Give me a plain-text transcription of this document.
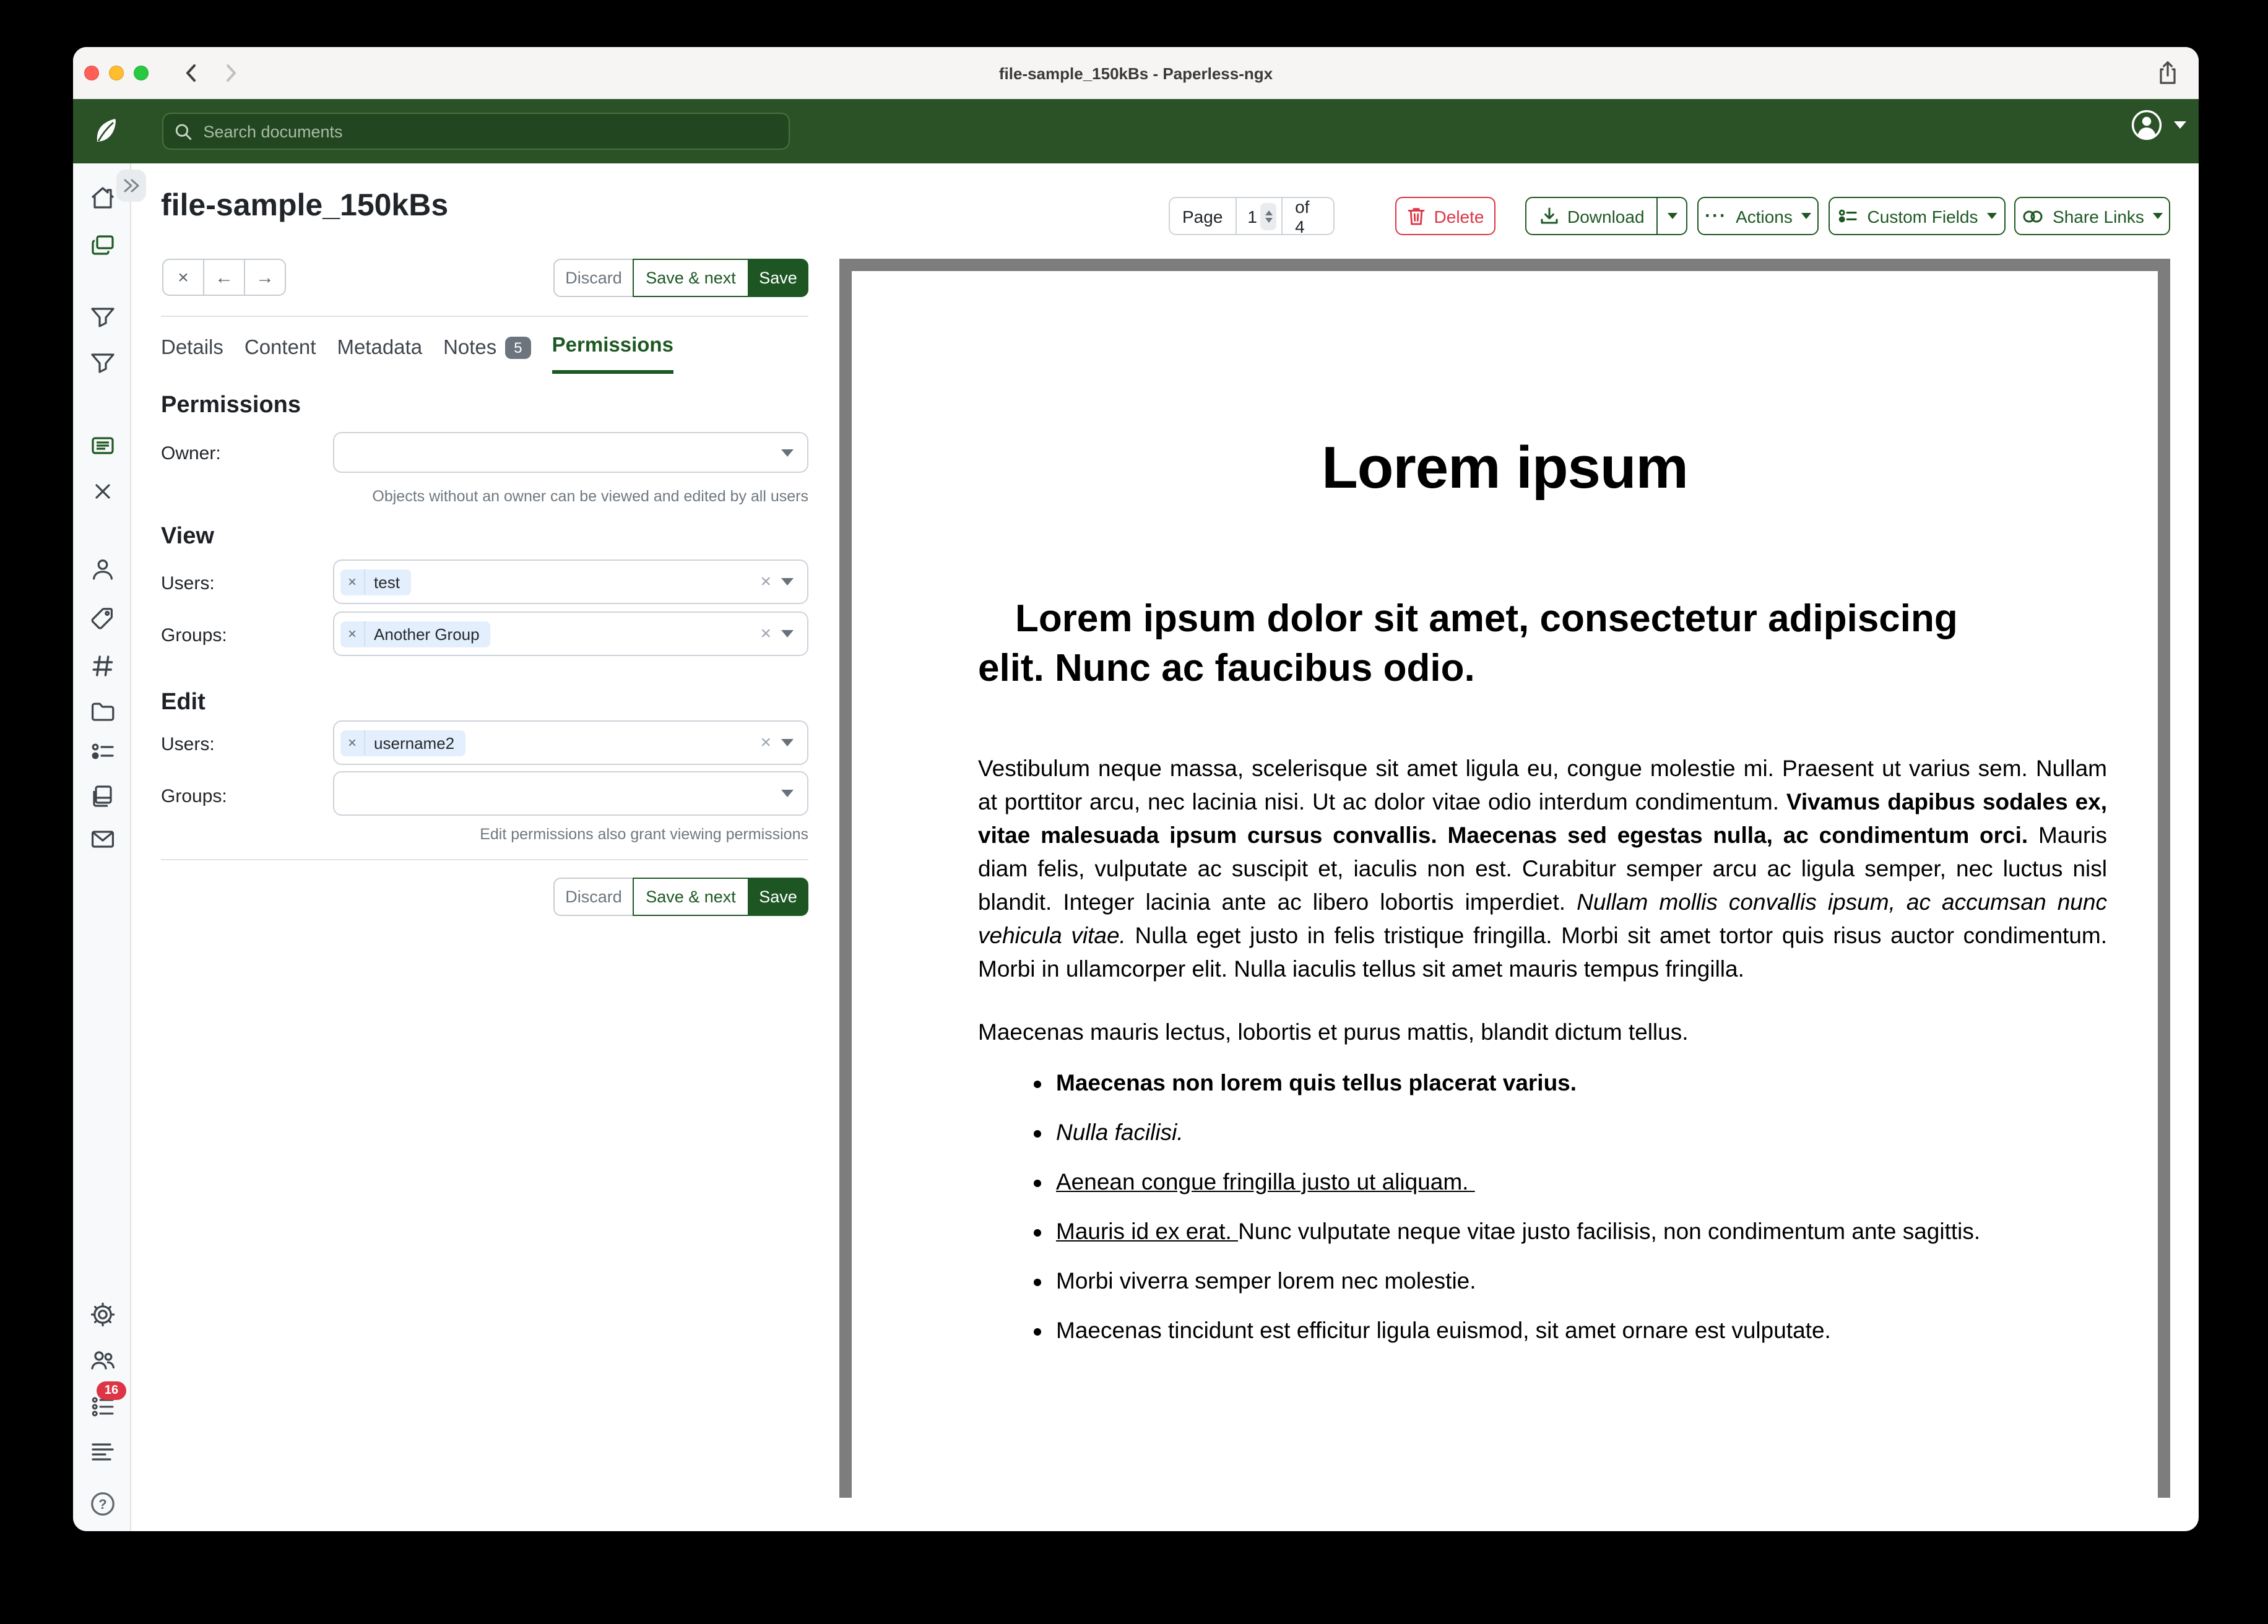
file-sample_150kBs - Paperless-ngx
Search documents
16
?
Page	1	of 4	Delete	Download	··· Actions	Custom Fields	Share Links
file-sample_150kBs
×	← →	Discard	Save & next	Save
Details Content Metadata Notes	5	Permissions
Permissions
Owner:
Objects without an owner can be viewed and edited by all users
View
Users:	×	test	×
Groups:	×	Another Group	×
Edit
Users:	×	username2	×
Groups:
Edit permissions also grant viewing permissions
Discard	Save & next	Save
Lorem ipsum
Lorem ipsum dolor sit amet, consectetur adipiscing
elit. Nunc ac faucibus odio.

Vestibulum neque massa, scelerisque sit amet ligula eu, congue molestie mi. Praesent ut varius sem. Nullam at porttitor arcu, nec lacinia nisi. Ut ac dolor vitae odio interdum condimentum. Vivamus dapibus sodales ex, vitae malesuada ipsum cursus convallis. Maecenas sed egestas nulla, ac condimentum orci. Mauris diam felis, vulputate ac suscipit et, iaculis non est. Curabitur semper arcu ac ligula semper, nec luctus nisl blandit. Integer lacinia ante ac libero lobortis imperdiet. Nullam mollis convallis ipsum, ac accumsan nunc vehicula vitae. Nulla eget justo in felis tristique fringilla. Morbi sit amet tortor quis risus auctor condimentum. Morbi in ullamcorper elit. Nulla iaculis tellus sit amet mauris tempus fringilla.

Maecenas mauris lectus, lobortis et purus mattis, blandit dictum tellus.

• Maecenas non lorem quis tellus placerat varius.
• Nulla facilisi.
• Aenean congue fringilla justo ut aliquam.
• Mauris id ex erat. Nunc vulputate neque vitae justo facilisis, non condimentum ante sagittis.
• Morbi viverra semper lorem nec molestie.
• Maecenas tincidunt est efficitur ligula euismod, sit amet ornare est vulputate.
